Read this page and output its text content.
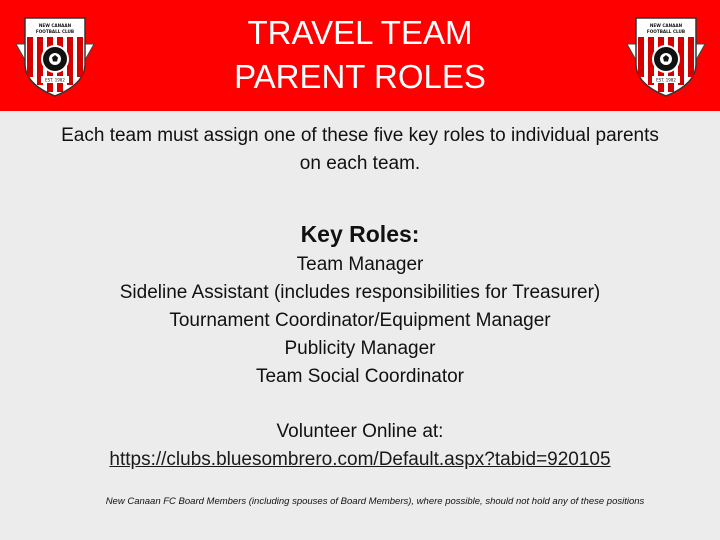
NEW CANAAN
FOOTBALL CLUB
EST. 1982
TRAVEL TEAM
PARENT ROLES
NEW CANAAN
FOOTBALL CLUB
EST. 1982
Each team must assign one of these five key roles to individual parents
on each team.
Key Roles:
Team Manager
Sideline Assistant (includes responsibilities for Treasurer)
Tournament Coordinator/Equipment Manager
Publicity Manager
Team Social Coordinator
Volunteer Online at:
https://clubs.bluesombrero.com/Default.aspx?tabid=920105
New Canaan FC Board Members (including spouses of Board Members), where possible, should not hold any of these positions
